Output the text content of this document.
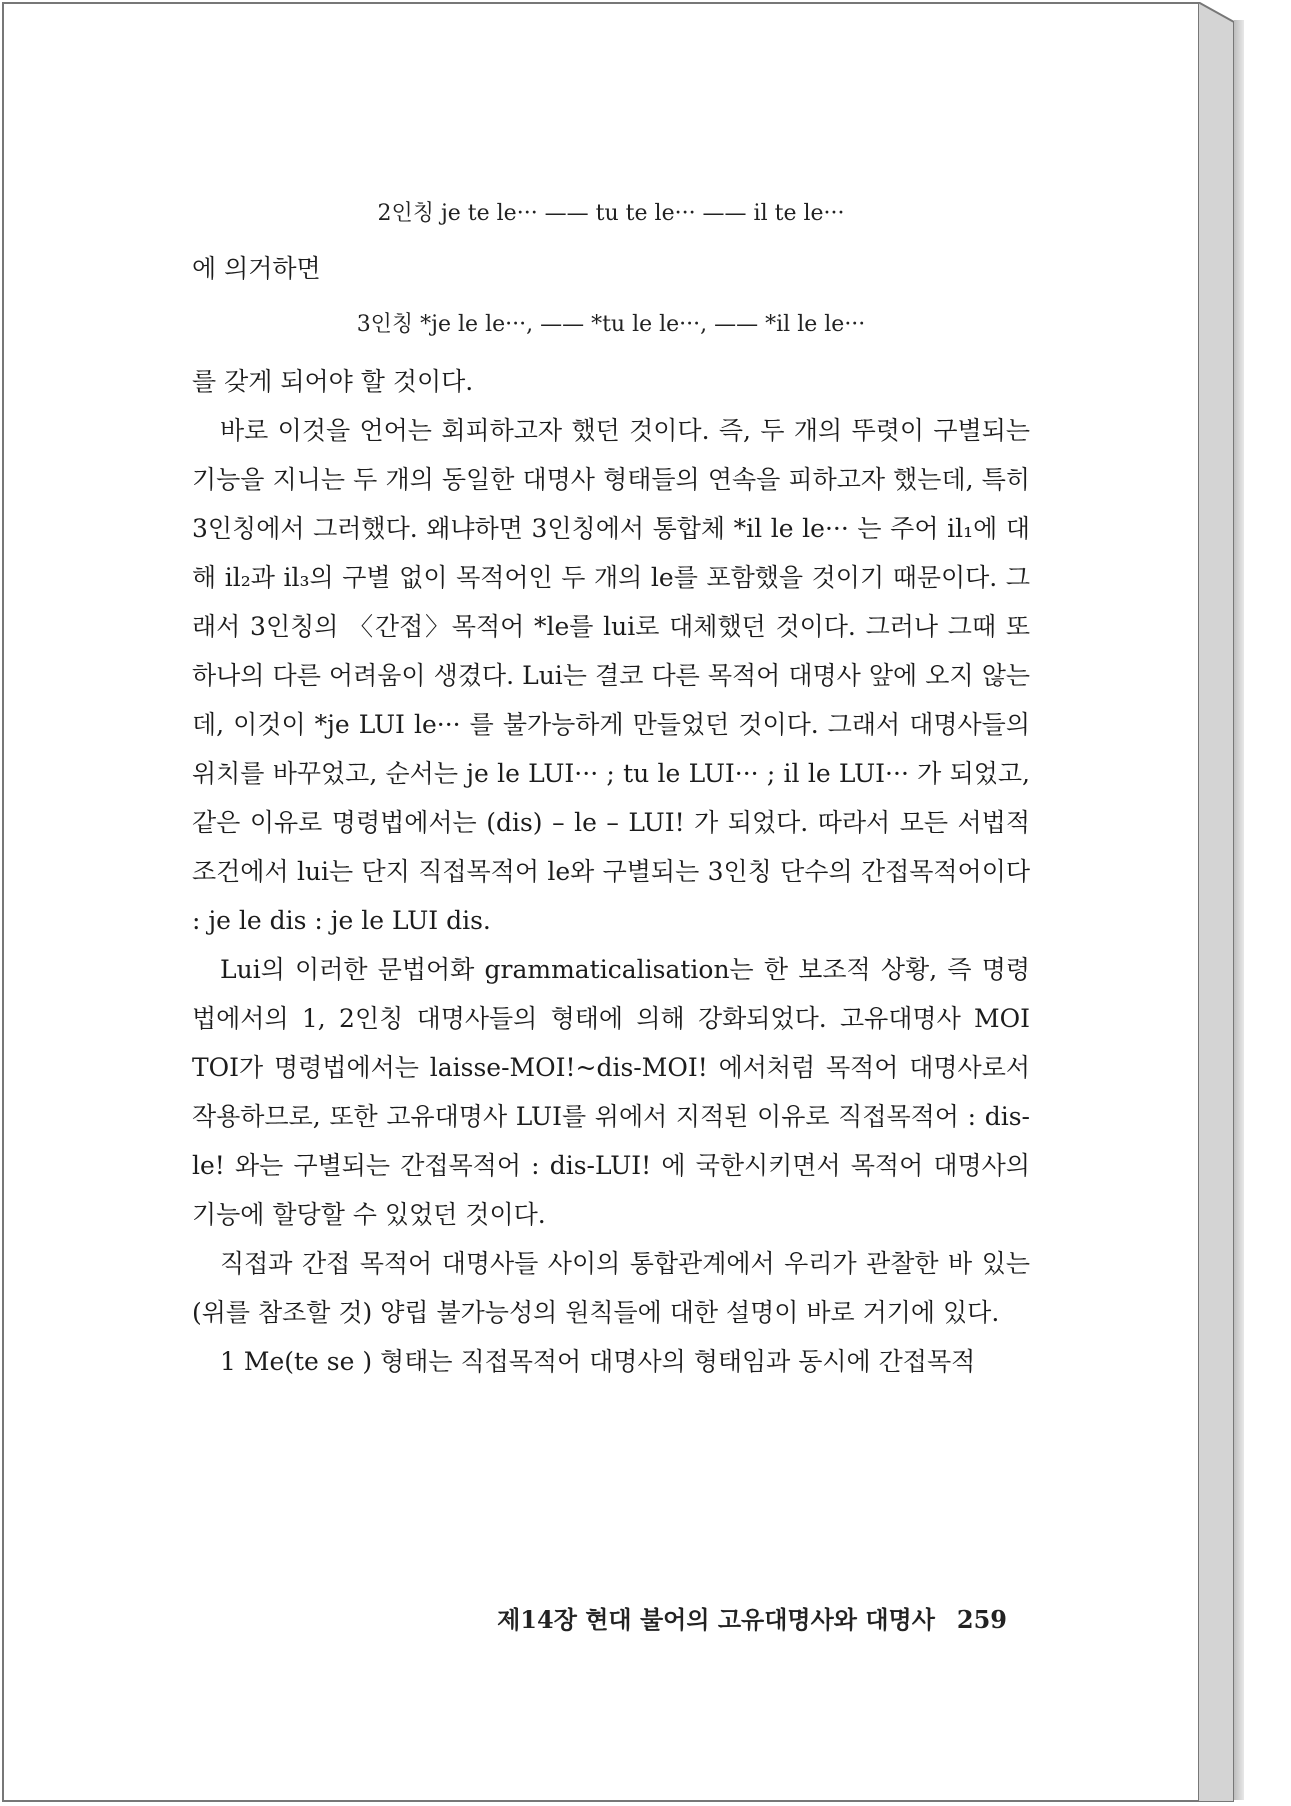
2인칭 je te le··· —— tu te le··· —— il te le···

에 의거하면

3인칭 *je le le···, —— *tu le le···, —— *il le le···

를 갖게 되어야 할 것이다.

바로 이것을 언어는 회피하고자 했던 것이다. 즉, 두 개의 뚜렷이 구별되는 기능을 지니는 두 개의 동일한 대명사 형태들의 연속을 피하고자 했는데, 특히 3인칭에서 그러했다. 왜냐하면 3인칭에서 통합체 *il le le··· 는 주어 il₁에 대해 il₂과 il₃의 구별 없이 목적어인 두 개의 le를 포함했을 것이기 때문이다. 그래서 3인칭의 〈간접〉목적어 *le를 lui로 대체했던 것이다. 그러나 그때 또 하나의 다른 어려움이 생겼다. Lui는 결코 다른 목적어 대명사 앞에 오지 않는데, 이것이 *je LUI le··· 를 불가능하게 만들었던 것이다. 그래서 대명사들의 위치를 바꾸었고, 순서는 je le LUI··· ; tu le LUI··· ; il le LUI··· 가 되었고, 같은 이유로 명령법에서는 (dis) – le – LUI! 가 되었다. 따라서 모든 서법적 조건에서 lui는 단지 직접목적어 le와 구별되는 3인칭 단수의 간접목적어이다 : je le dis : je le LUI dis.

Lui의 이러한 문법어화 grammaticalisation는 한 보조적 상황, 즉 명령법에서의 1, 2인칭 대명사들의 형태에 의해 강화되었다. 고유대명사 MOI TOI가 명령법에서는 laisse-MOI!~dis-MOI! 에서처럼 목적어 대명사로서 작용하므로, 또한 고유대명사 LUI를 위에서 지적된 이유로 직접목적어 : dis-le! 와는 구별되는 간접목적어 : dis-LUI! 에 국한시키면서 목적어 대명사의 기능에 할당할 수 있었던 것이다.

직접과 간접 목적어 대명사들 사이의 통합관계에서 우리가 관찰한 바 있는(위를 참조할 것) 양립 불가능성의 원칙들에 대한 설명이 바로 거기에 있다.

1 Me(te se ) 형태는 직접목적어 대명사의 형태임과 동시에 간접목적

제14장 현대 불어의 고유대명사와 대명사 259
